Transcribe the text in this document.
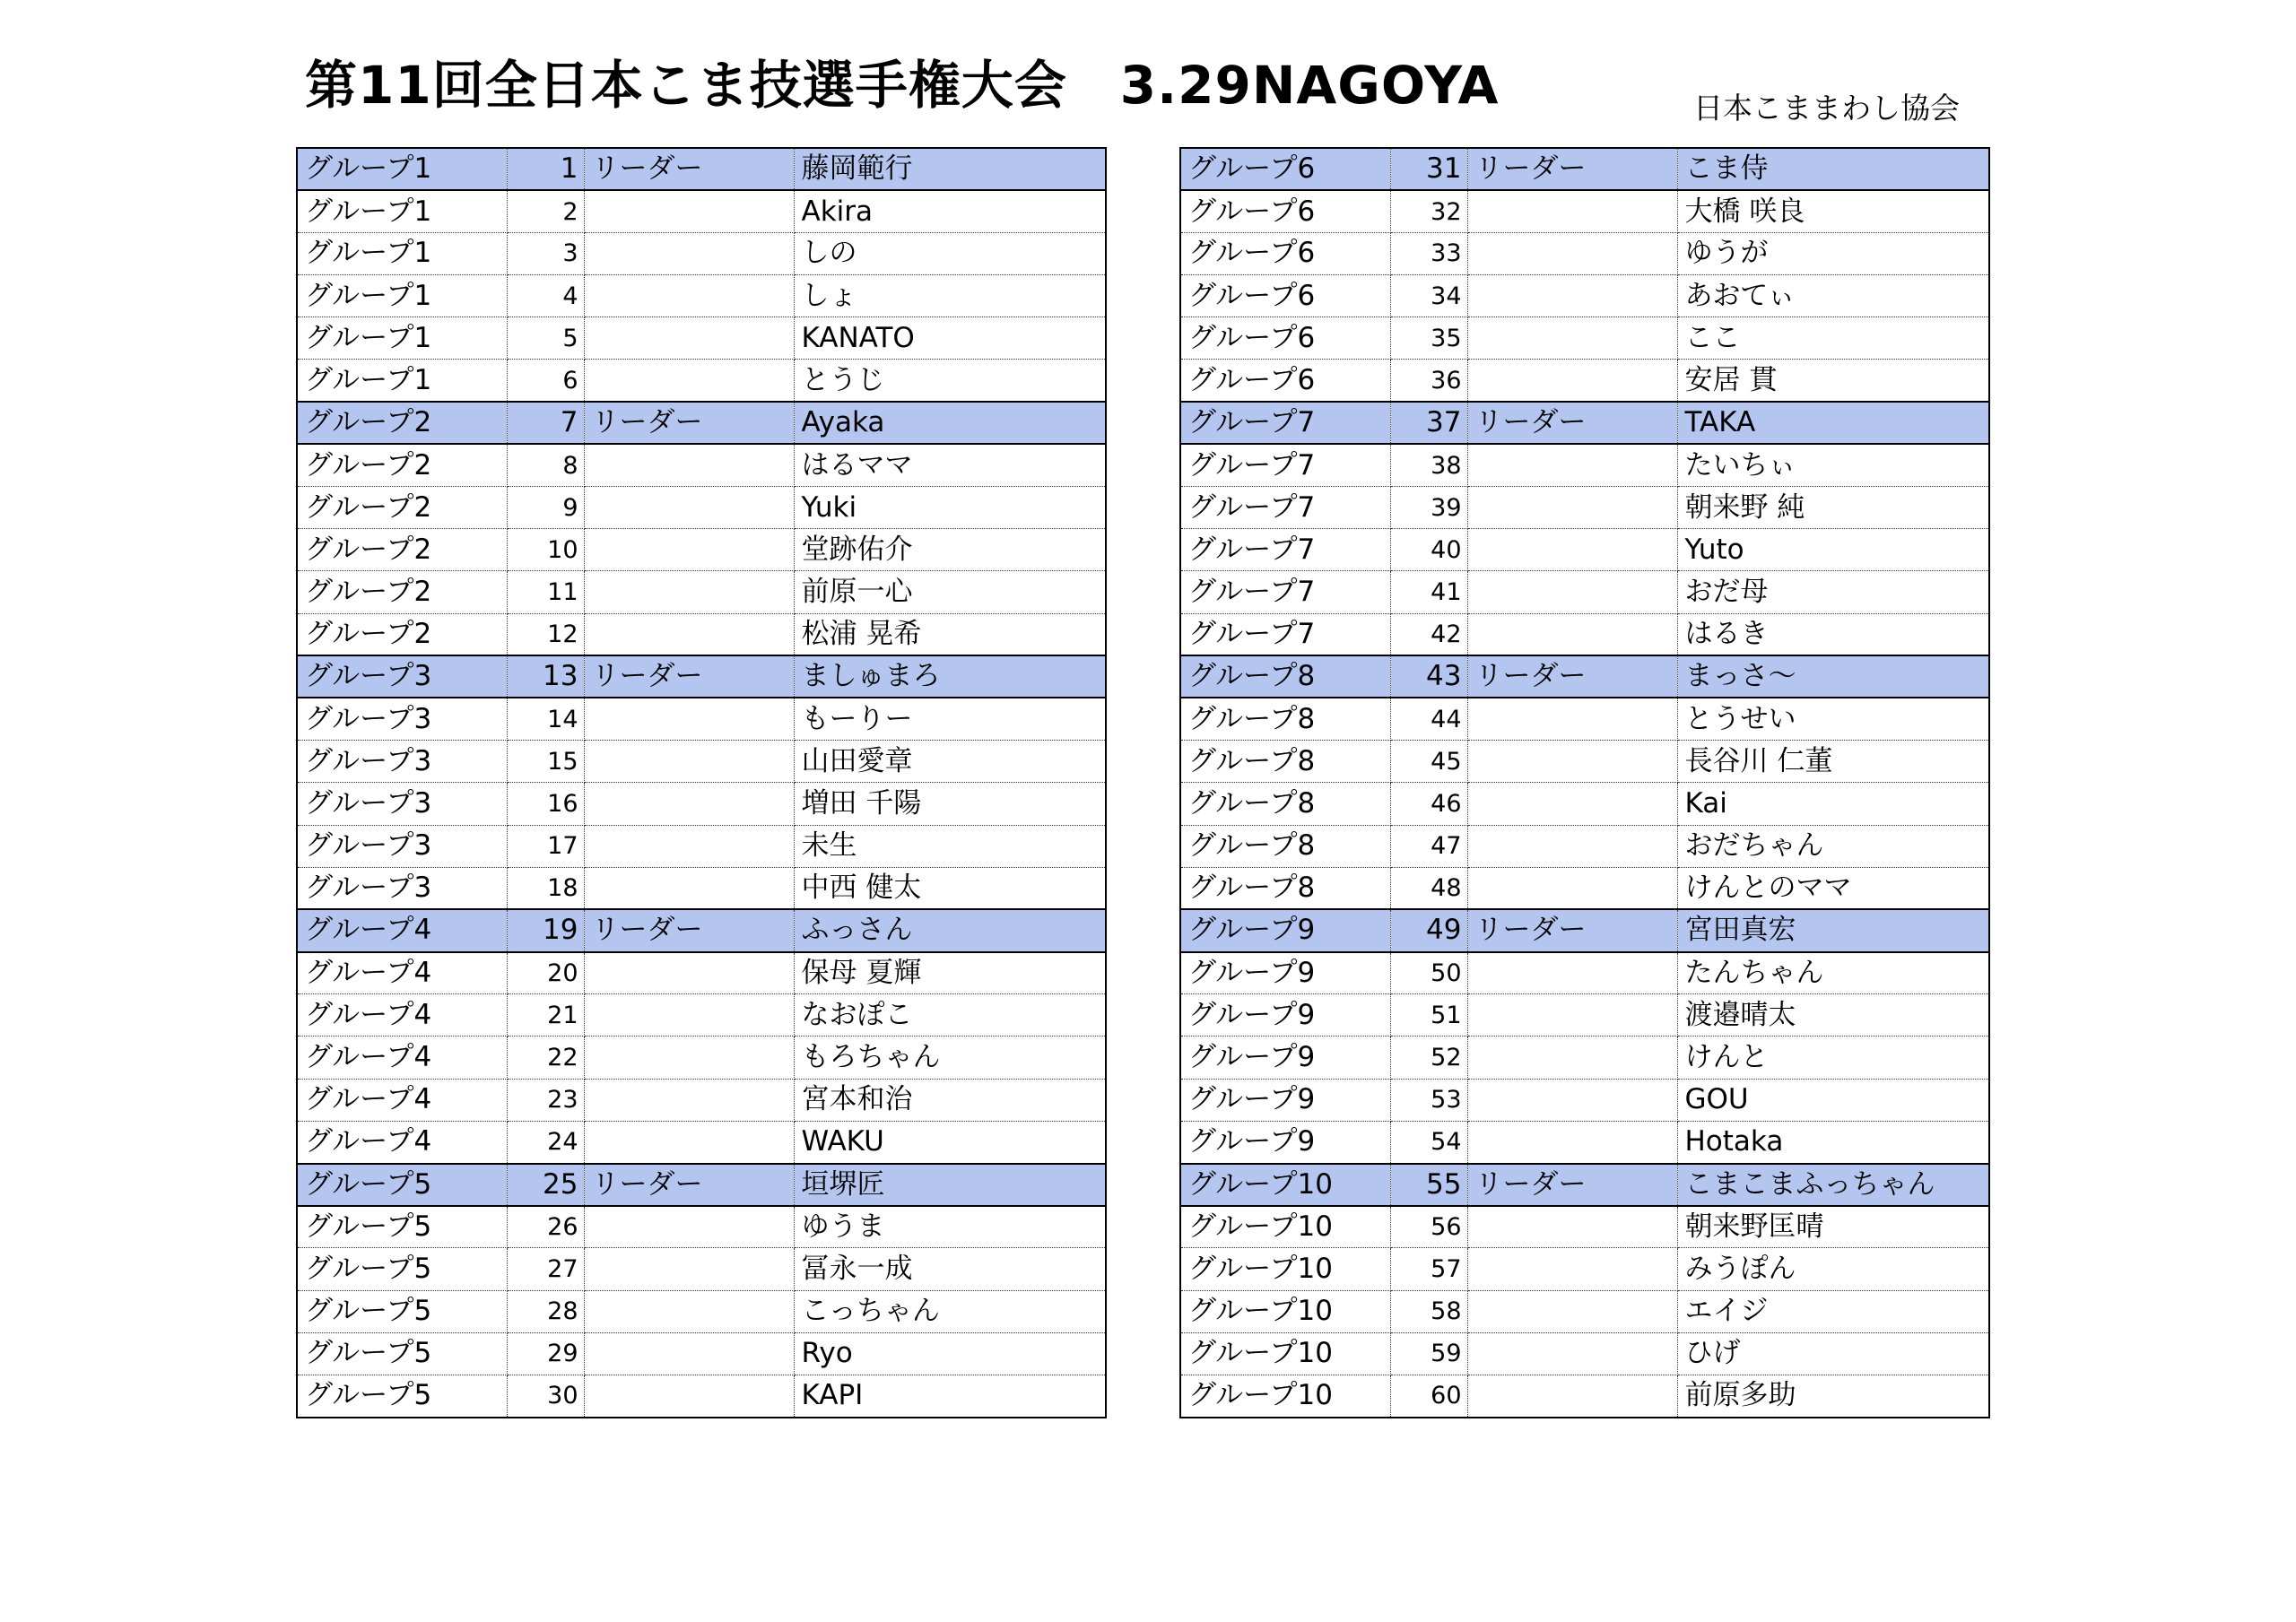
第11回全日本こま技選手権大会　3.29NAGOYA	日本こままわし協会
グループ1	1	リーダー	藤岡範行
グループ1	2		Akira
グループ1	3		しの
グループ1	4		しょ
グループ1	5		KANATO
グループ1	6		とうじ
グループ2	7	リーダー	Ayaka
グループ2	8		はるママ
グループ2	9		Yuki
グループ2	10		堂跡佑介
グループ2	11		前原一心
グループ2	12		松浦 晃希
グループ3	13	リーダー	ましゅまろ
グループ3	14		もーりー
グループ3	15		山田愛章
グループ3	16		増田 千陽
グループ3	17		未生
グループ3	18		中西 健太
グループ4	19	リーダー	ふっさん
グループ4	20		保母 夏輝
グループ4	21		なおぽこ
グループ4	22		もろちゃん
グループ4	23		宮本和治
グループ4	24		WAKU
グループ5	25	リーダー	垣堺匠
グループ5	26		ゆうま
グループ5	27		冨永一成
グループ5	28		こっちゃん
グループ5	29		Ryo
グループ5	30		KAPI
グループ6	31	リーダー	こま侍
グループ6	32		大橋 咲良
グループ6	33		ゆうが
グループ6	34		あおてぃ
グループ6	35		ここ
グループ6	36		安居 貫
グループ7	37	リーダー	TAKA
グループ7	38		たいちぃ
グループ7	39		朝来野 純
グループ7	40		Yuto
グループ7	41		おだ母
グループ7	42		はるき
グループ8	43	リーダー	まっさ～
グループ8	44		とうせい
グループ8	45		長谷川 仁董
グループ8	46		Kai
グループ8	47		おだちゃん
グループ8	48		けんとのママ
グループ9	49	リーダー	宮田真宏
グループ9	50		たんちゃん
グループ9	51		渡邉晴太
グループ9	52		けんと
グループ9	53		GOU
グループ9	54		Hotaka
グループ10	55	リーダー	こまこまふっちゃん
グループ10	56		朝来野匡晴
グループ10	57		みうぽん
グループ10	58		エイジ
グループ10	59		ひげ
グループ10	60		前原多助
